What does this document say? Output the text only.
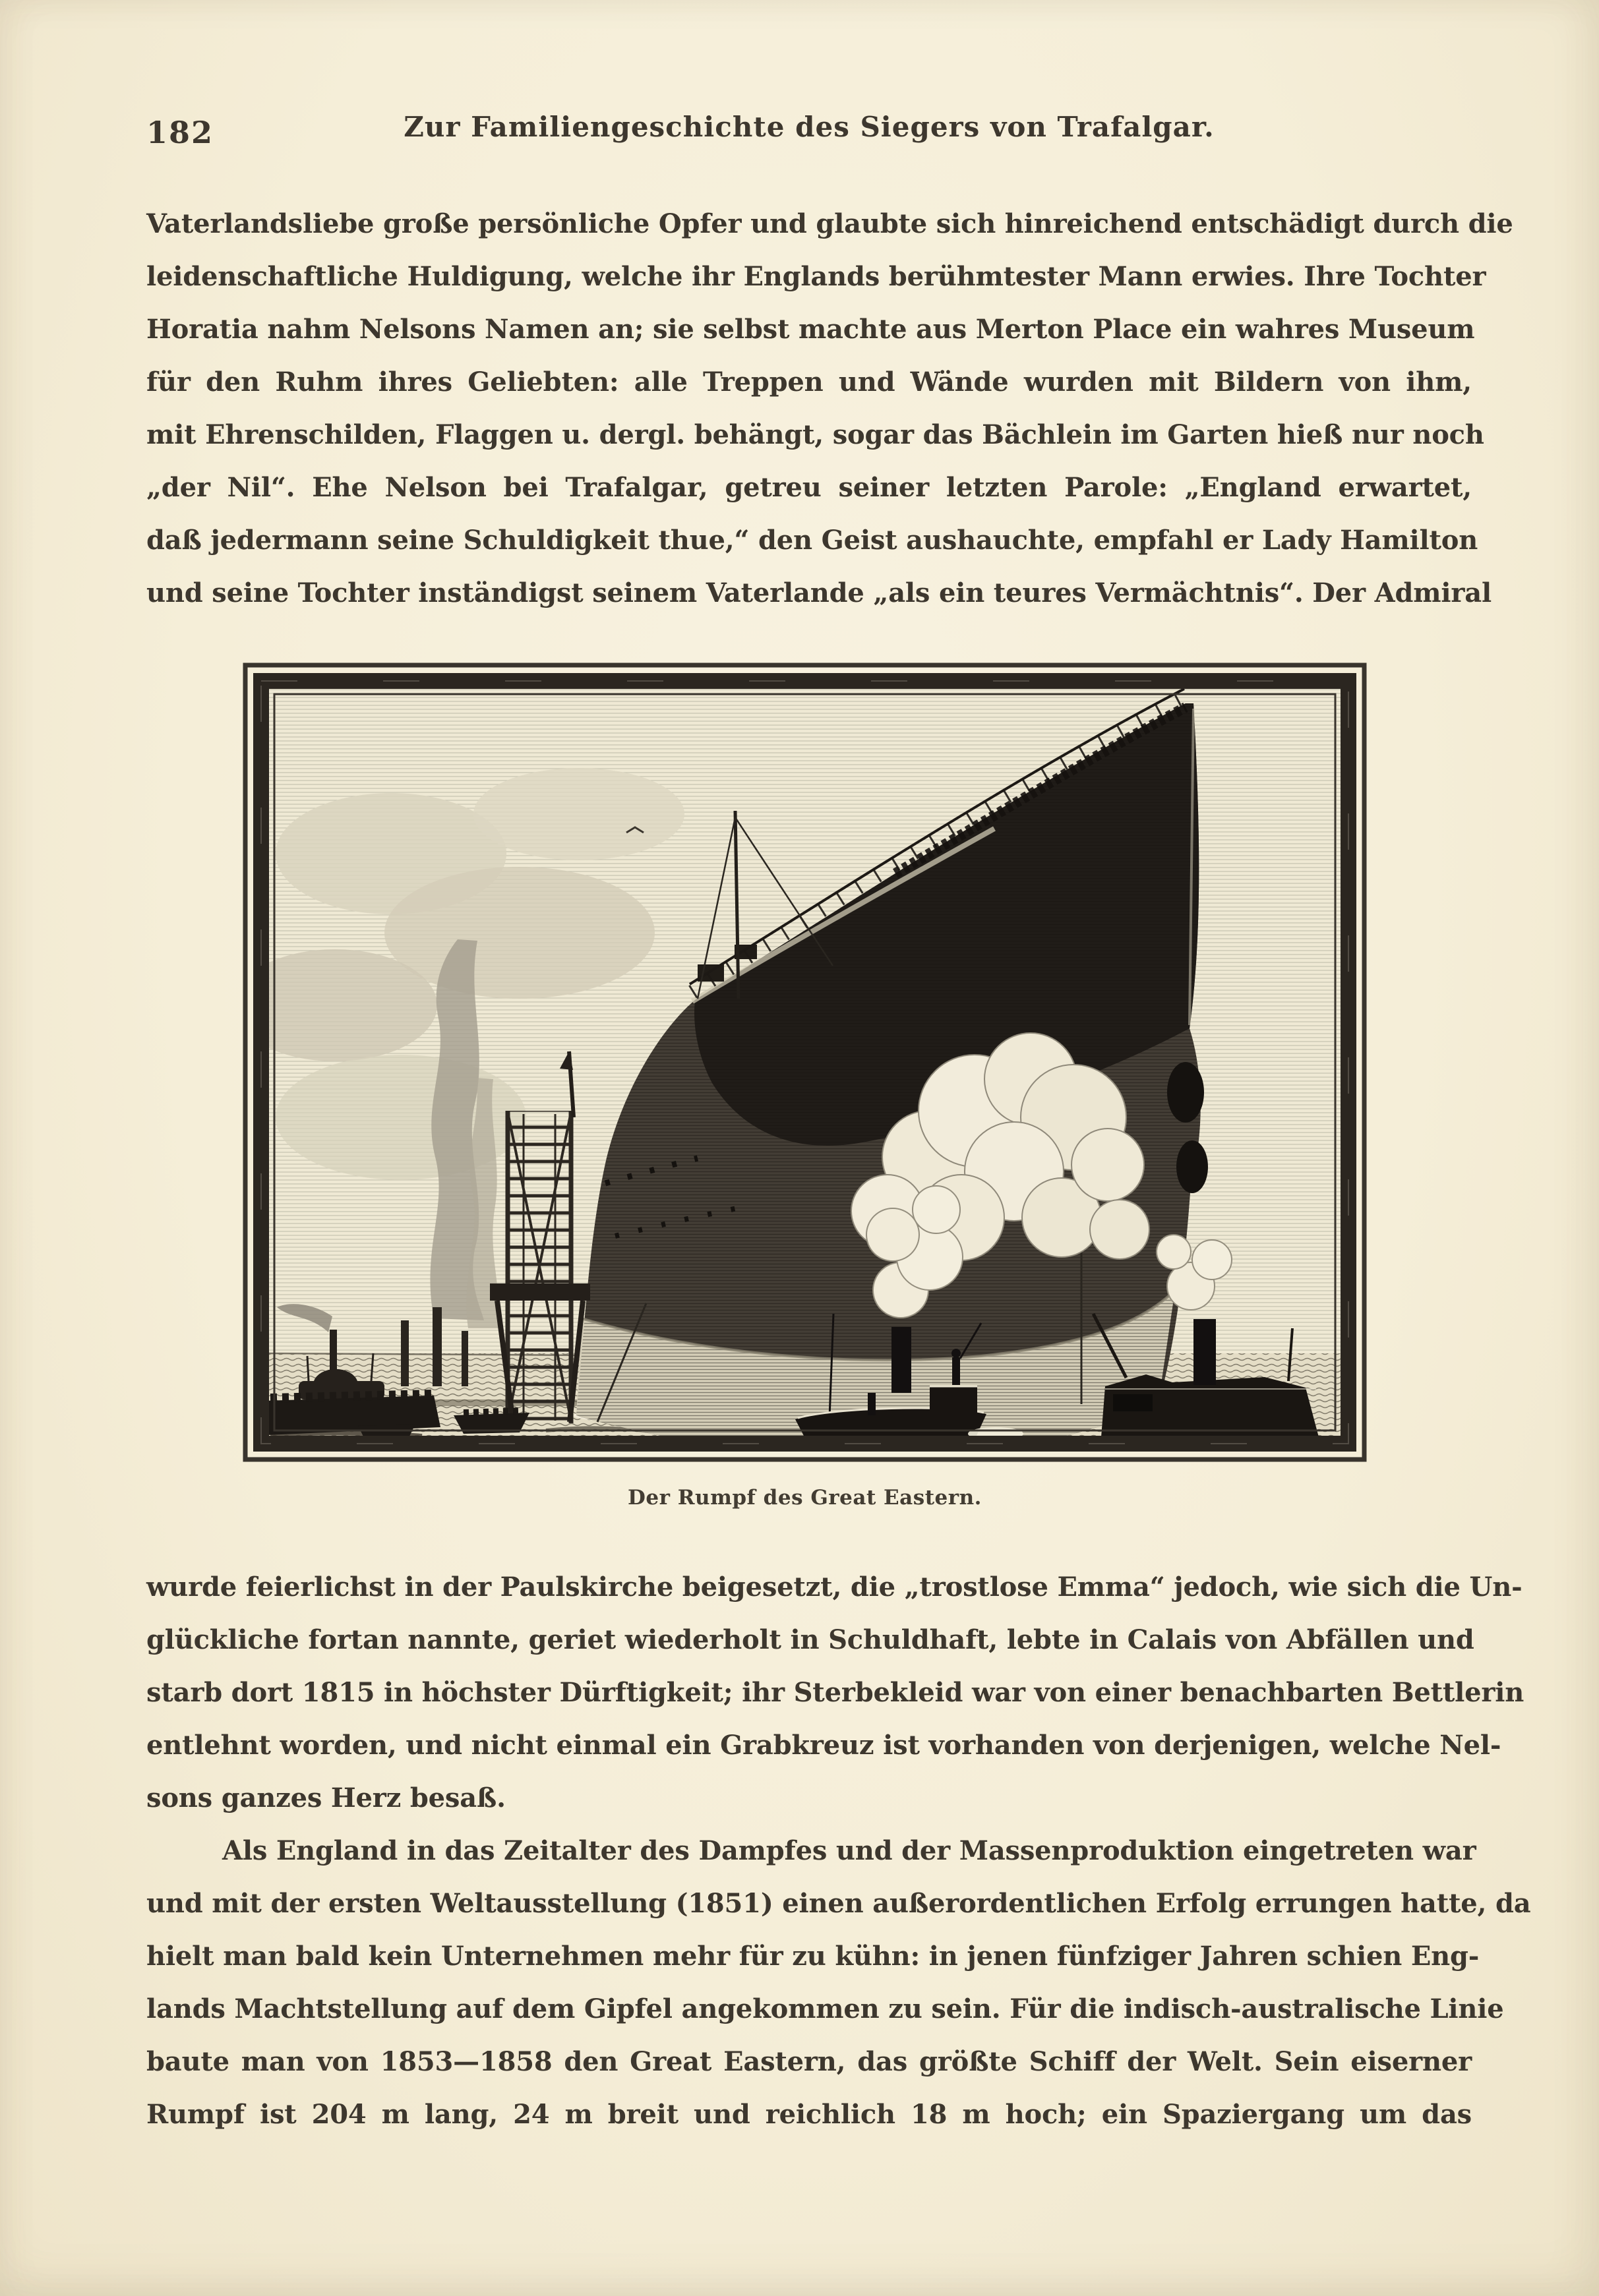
182	Zur Familiengeschichte des Siegers von Trafalgar.
Vaterlandsliebe große persönliche Opfer und glaubte sich hinreichend entschädigt durch die
leidenschaftliche Huldigung, welche ihr Englands berühmtester Mann erwies. Ihre Tochter
Horatia nahm Nelsons Namen an; sie selbst machte aus Merton Place ein wahres Museum
für den Ruhm ihres Geliebten: alle Treppen und Wände wurden mit Bildern von ihm,
mit Ehrenschilden, Flaggen u. dergl. behängt, sogar das Bächlein im Garten hieß nur noch
„der Nil“. Ehe Nelson bei Trafalgar, getreu seiner letzten Parole: „England erwartet,
daß jedermann seine Schuldigkeit thue,“ den Geist aushauchte, empfahl er Lady Hamilton
und seine Tochter inständigst seinem Vaterlande „als ein teures Vermächtnis“. Der Admiral
Der Rumpf des Great Eastern.
wurde feierlichst in der Paulskirche beigesetzt, die „trostlose Emma“ jedoch, wie sich die Un-
glückliche fortan nannte, geriet wiederholt in Schuldhaft, lebte in Calais von Abfällen und
starb dort 1815 in höchster Dürftigkeit; ihr Sterbekleid war von einer benachbarten Bettlerin
entlehnt worden, und nicht einmal ein Grabkreuz ist vorhanden von derjenigen, welche Nel-
sons ganzes Herz besaß.
Als England in das Zeitalter des Dampfes und der Massenproduktion eingetreten war
und mit der ersten Weltausstellung (1851) einen außerordentlichen Erfolg errungen hatte, da
hielt man bald kein Unternehmen mehr für zu kühn: in jenen fünfziger Jahren schien Eng-
lands Machtstellung auf dem Gipfel angekommen zu sein. Für die indisch-australische Linie
baute man von 1853—1858 den Great Eastern, das größte Schiff der Welt. Sein eiserner
Rumpf ist 204 m lang, 24 m breit und reichlich 18 m hoch; ein Spaziergang um das
